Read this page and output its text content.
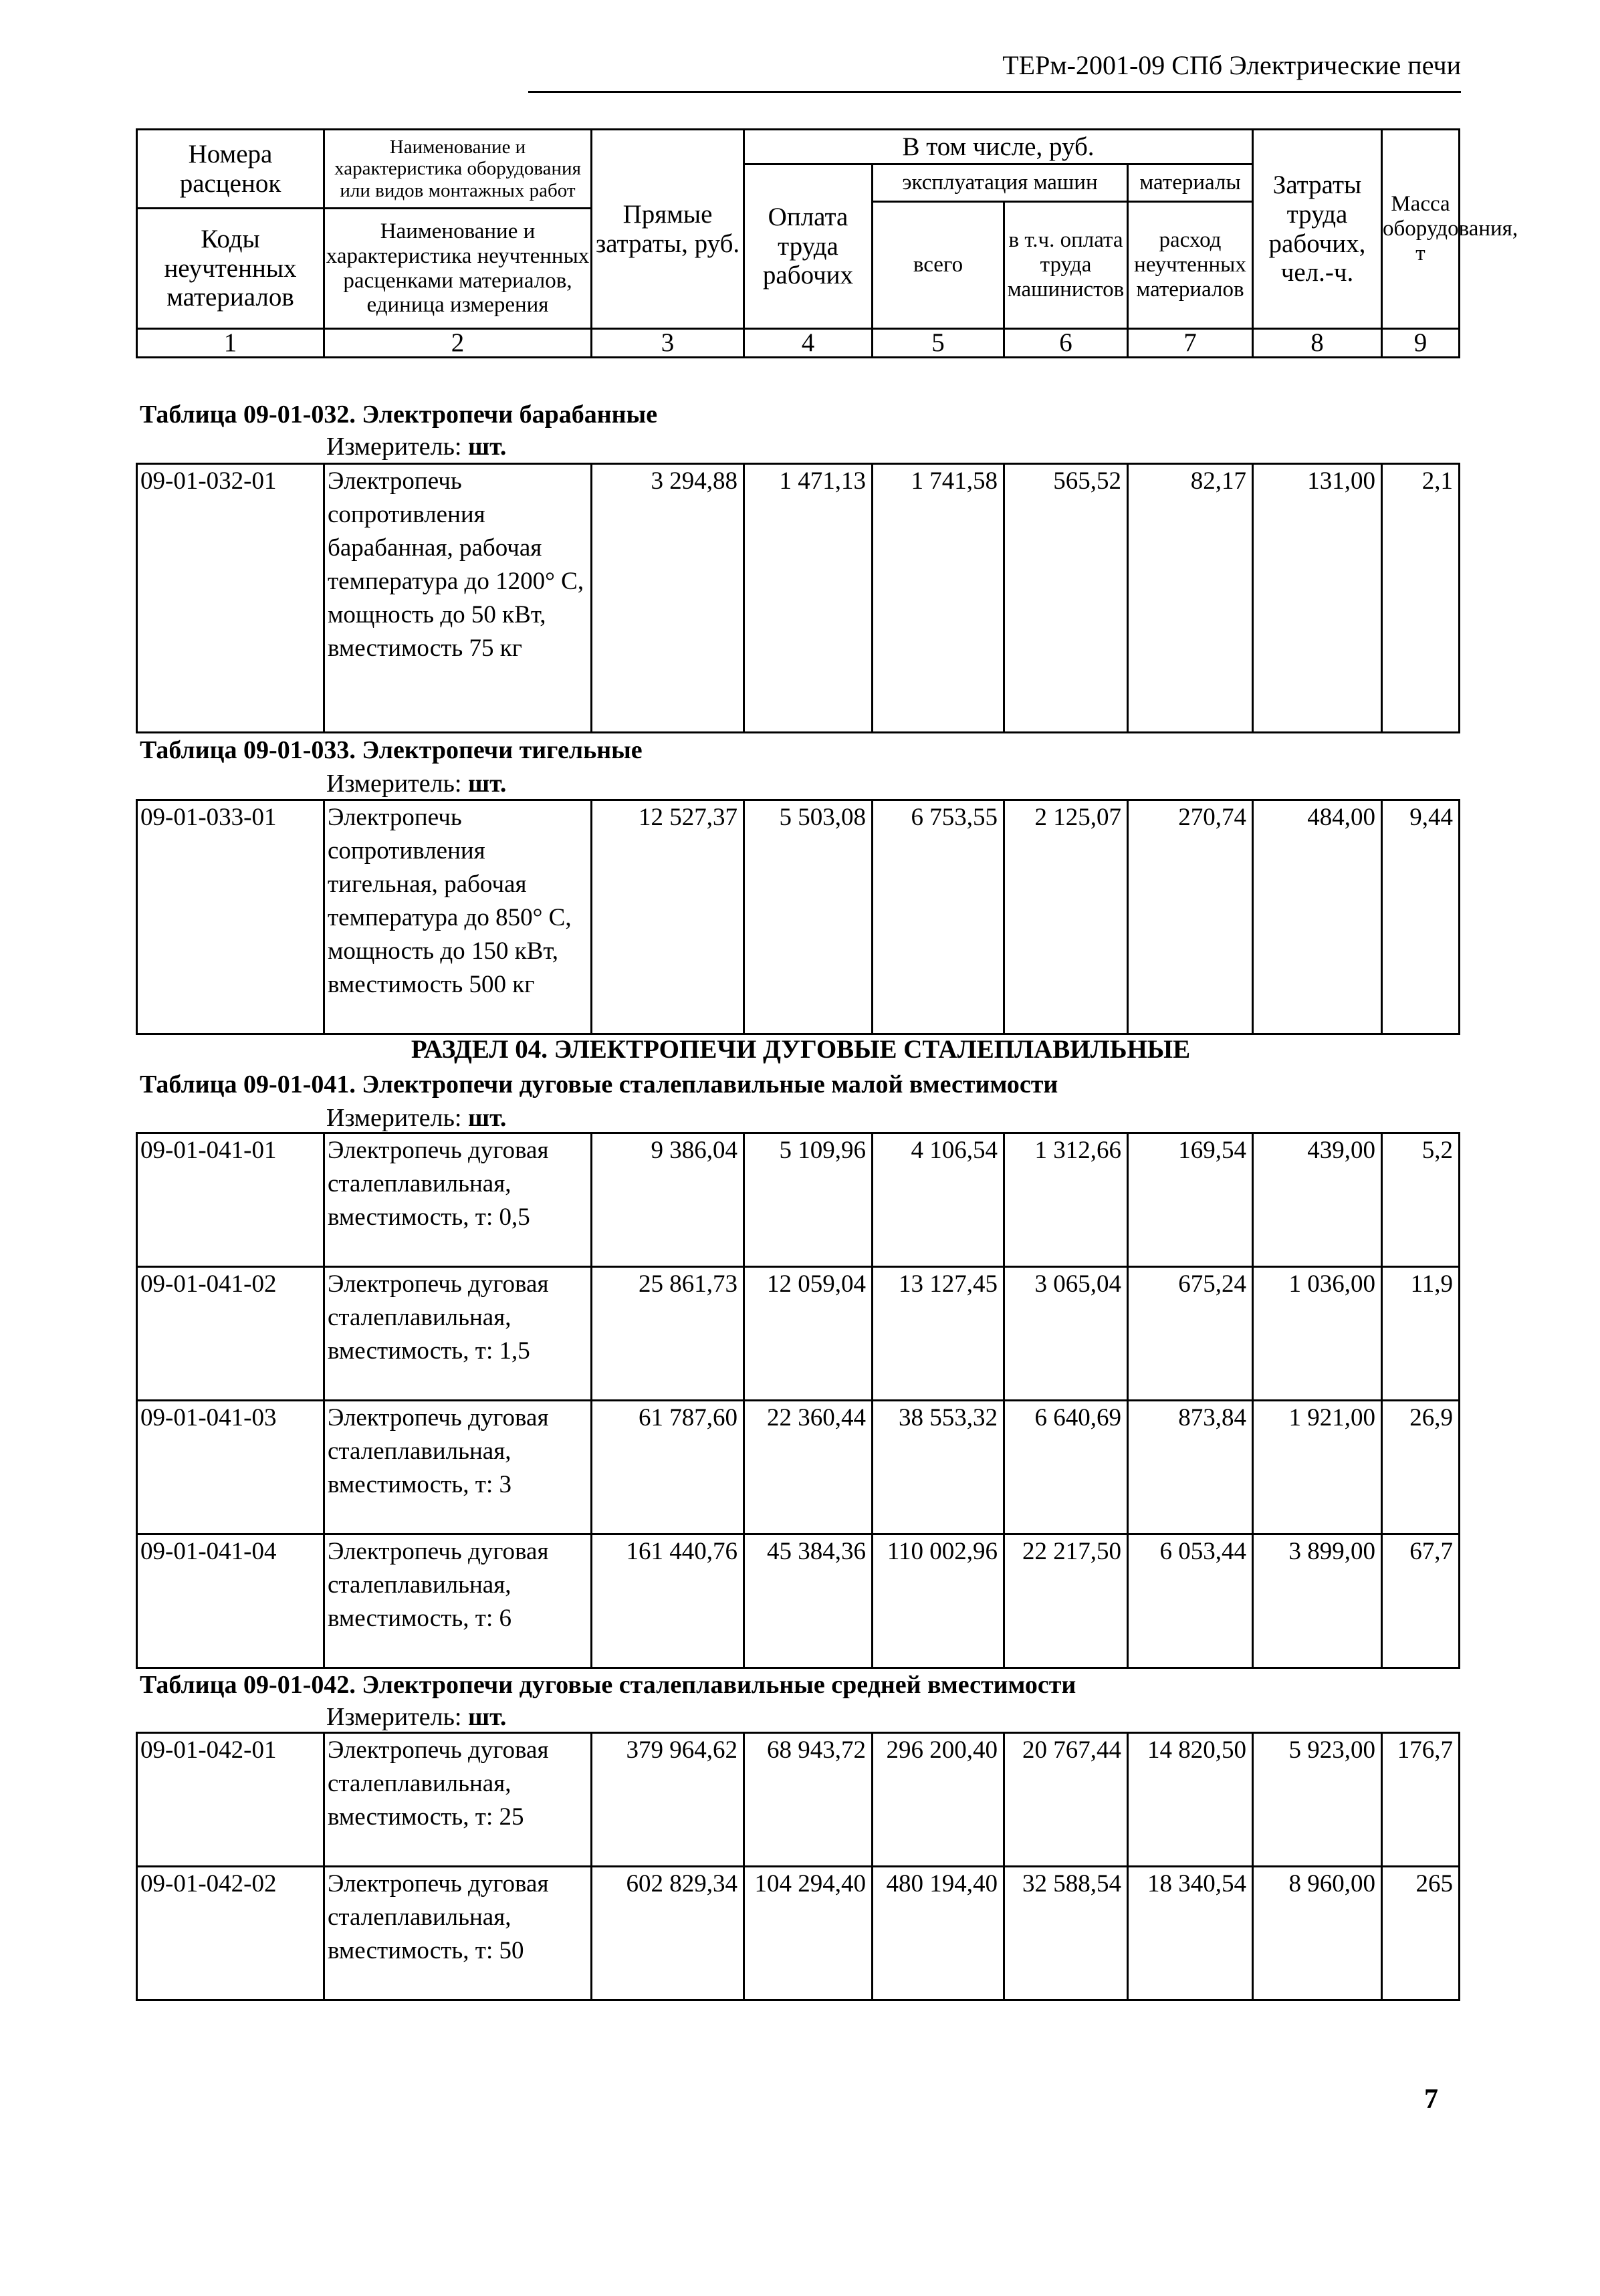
ТЕРм-2001-09 СПб Электрические печи
Номера расценок	Наименование и характеристика оборудования или видов монтажных работ	Прямые затраты, руб.	В том числе, руб.				Затраты труда рабочих, чел.-ч.	Масса оборудования, т
			Оплата труда рабочих	эксплуатация машин		материалы		
				всего	в т.ч. оплата труда машинистов	расход неучтенных материалов		
Коды неучтенных материалов	Наименование и характеристика неучтенных расценками материалов, единица измерения							

1	2	3	4	5	6	7	8	9
Таблица 09-01-032. Электропечи барабанные
Измеритель: шт.
09-01-032-01	Электропечь сопротивления барабанная, рабочая температура до 1200° С, мощность до 50 кВт, вместимость 75 кг	3 294,88	1 471,13	1 741,58	565,52	82,17	131,00	2,1
Таблица 09-01-033. Электропечи тигельные
Измеритель: шт.
09-01-033-01	Электропечь сопротивления тигельная, рабочая температура до 850° С, мощность до 150 кВт, вместимость 500 кг	12 527,37	5 503,08	6 753,55	2 125,07	270,74	484,00	9,44
РАЗДЕЛ 04. ЭЛЕКТРОПЕЧИ ДУГОВЫЕ СТАЛЕПЛАВИЛЬНЫЕ
Таблица 09-01-041. Электропечи дуговые сталеплавильные малой вместимости
Измеритель: шт.
09-01-041-01	Электропечь дуговая сталеплавильная, вместимость, т: 0,5	9 386,04	5 109,96	4 106,54	1 312,66	169,54	439,00	5,2
09-01-041-02	Электропечь дуговая сталеплавильная, вместимость, т: 1,5	25 861,73	12 059,04	13 127,45	3 065,04	675,24	1 036,00	11,9
09-01-041-03	Электропечь дуговая сталеплавильная, вместимость, т: 3	61 787,60	22 360,44	38 553,32	6 640,69	873,84	1 921,00	26,9
09-01-041-04	Электропечь дуговая сталеплавильная, вместимость, т: 6	161 440,76	45 384,36	110 002,96	22 217,50	6 053,44	3 899,00	67,7
Таблица 09-01-042. Электропечи дуговые сталеплавильные средней вместимости
Измеритель: шт.
09-01-042-01	Электропечь дуговая сталеплавильная, вместимость, т: 25	379 964,62	68 943,72	296 200,40	20 767,44	14 820,50	5 923,00	176,7
09-01-042-02	Электропечь дуговая сталеплавильная, вместимость, т: 50	602 829,34	104 294,40	480 194,40	32 588,54	18 340,54	8 960,00	265
7
